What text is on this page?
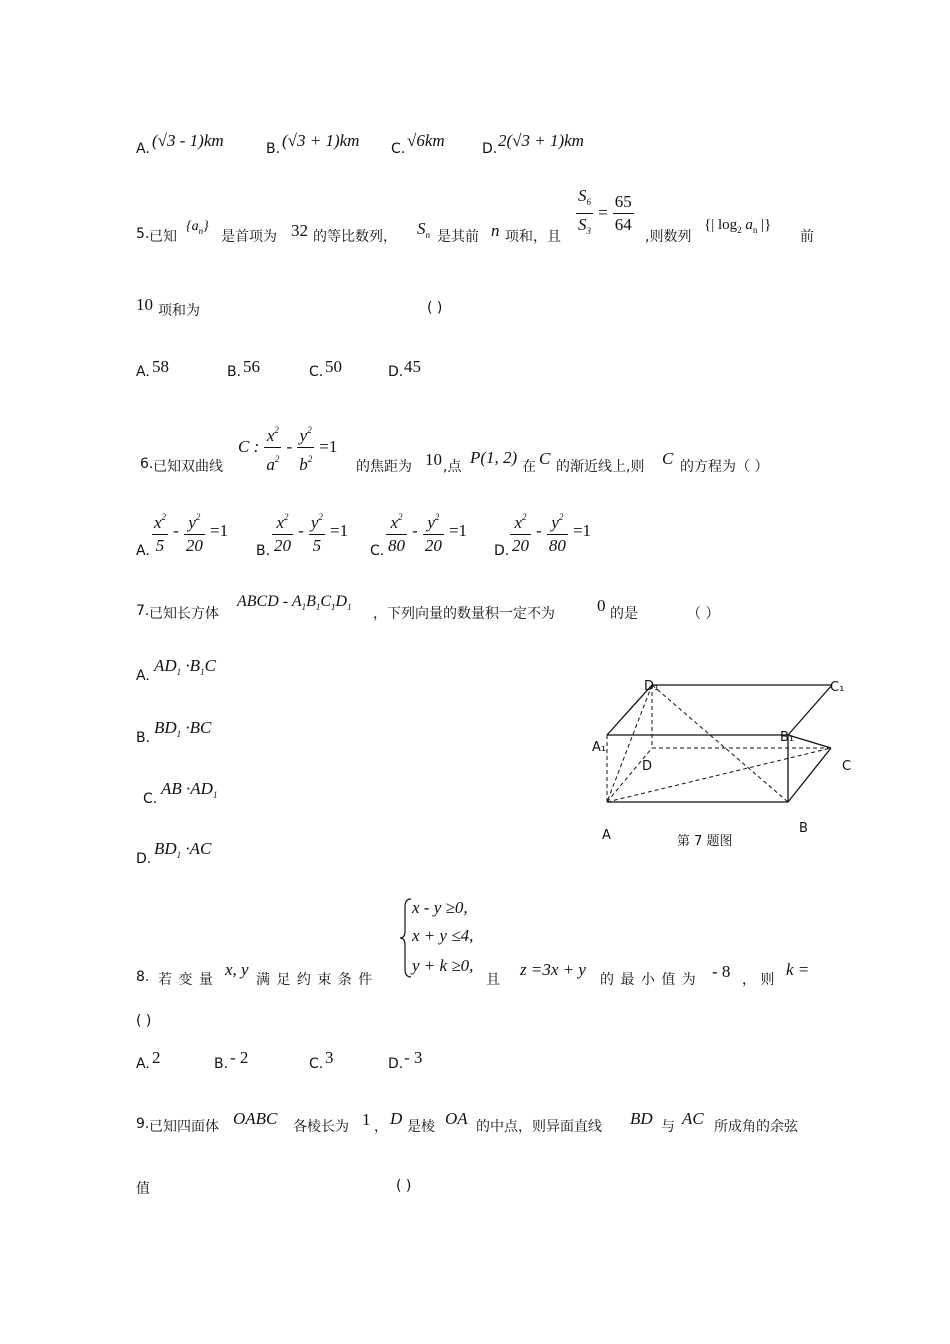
A. (√3 - 1)km	B. (√3 + 1)km C. √6km	D. 2(√3 + 1)km
5. 已知
$\{a_n\}$
是首项为 32 的等比数列， $S_n$ 是其前 n 项和，且 $\frac{S_6}{S_3} = \frac{65}{64}$
,则数列
{| $\log_2 a_n$ |}
前
10 项和为	( )
A. 58	B. 56	C. 50	D. 45
6. 已知双曲线
C : $\frac{x^2}{a^2} - \frac{y^2}{b^2} =1$
的焦距为 10 ,点 P(1, 2) 在 C 的渐近线上,则 C 的方程为（ ）
A. $\frac{x^2}{5} - \frac{y^2}{20} =1$
B. $\frac{x^2}{20} - \frac{y^2}{5} =1$
C. $\frac{x^2}{80} - \frac{y^2}{20} =1$
D. $\frac{x^2}{20} - \frac{y^2}{80} =1$
7. 已知长方体
ABCD - $A_1B_1C_1D_1$ ，下列向量的数量积一定不为 0 的是	（ ）
A.
$AD_1 \cdot B_1C$
B.
$BD_1 \cdot BC$
C.
AB $\cdot AD_1$
D.
$BD_1 \cdot AC$
D₁	C₁
A₁
B₁
D	C
A	B
第 7 题图
8. 若 变 量
x, y
满 足 约 束 条 件
x - y ≥0,
x + y ≤4,
y + k ≥0,
且
z =3x + y
的 最 小 值 为 - 8 ， 则
k =
( )
A. 2	B. - 2	C. 3	D. - 3
9. 已知四面体 OABC 各棱长为 1 ， D 是棱 OA 的中点，则异面直线 BD 与 AC 所成角的余弦
值	( )
